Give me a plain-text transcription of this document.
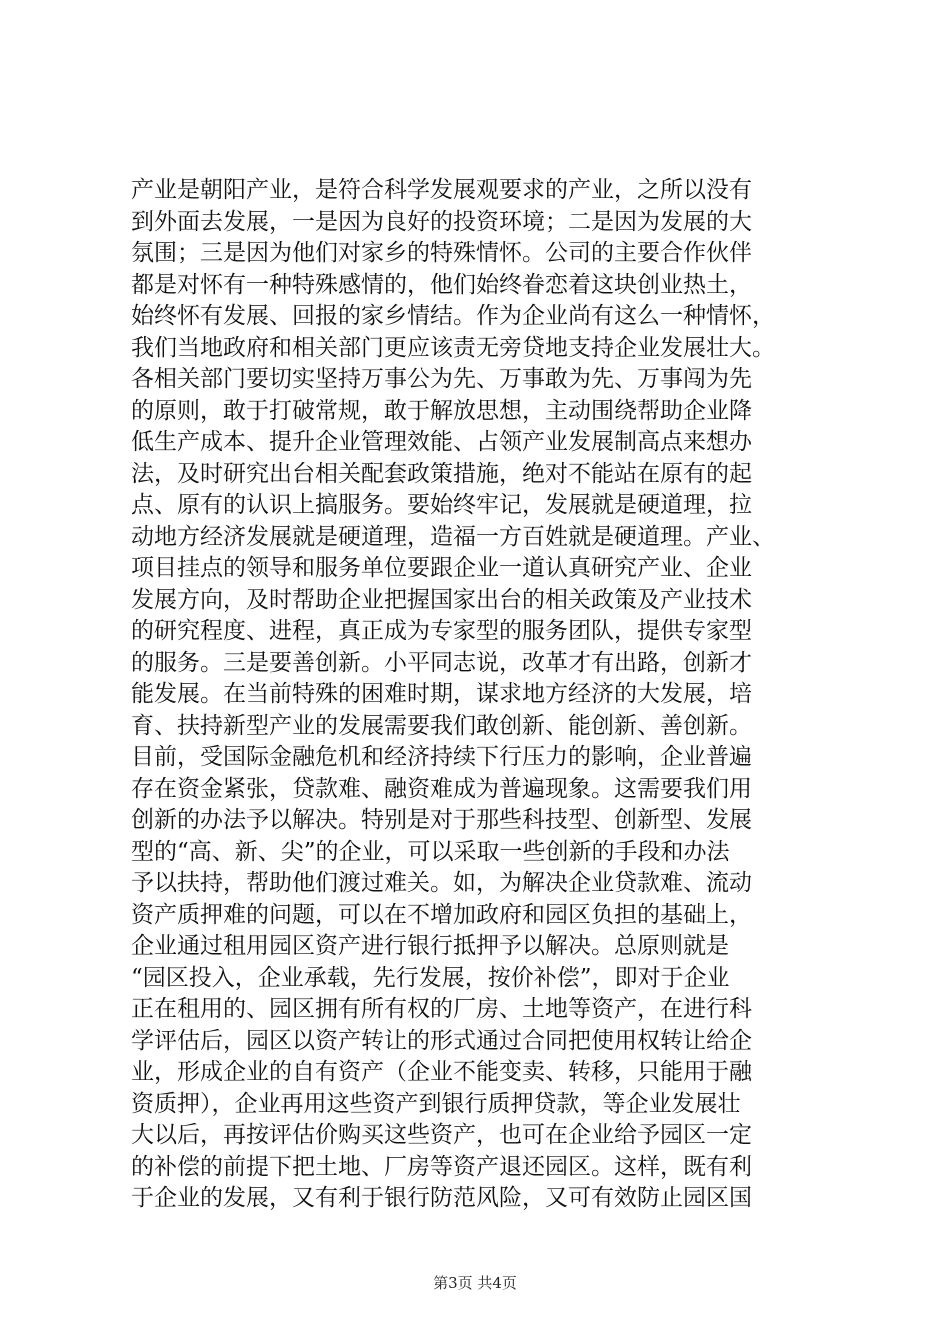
产业是朝阳产业，是符合科学发展观要求的产业，之所以没有
到外面去发展，一是因为良好的投资环境；二是因为发展的大
氛围；三是因为他们对家乡的特殊情怀。公司的主要合作伙伴
都是对怀有一种特殊感情的，他们始终眷恋着这块创业热土，
始终怀有发展、回报的家乡情结。作为企业尚有这么一种情怀，
我们当地政府和相关部门更应该责无旁贷地支持企业发展壮大。
各相关部门要切实坚持万事公为先、万事敢为先、万事闯为先
的原则，敢于打破常规，敢于解放思想，主动围绕帮助企业降
低生产成本、提升企业管理效能、占领产业发展制高点来想办
法，及时研究出台相关配套政策措施，绝对不能站在原有的起
点、原有的认识上搞服务。要始终牢记，发展就是硬道理，拉
动地方经济发展就是硬道理，造福一方百姓就是硬道理。产业、
项目挂点的领导和服务单位要跟企业一道认真研究产业、企业
发展方向，及时帮助企业把握国家出台的相关政策及产业技术
的研究程度、进程，真正成为专家型的服务团队，提供专家型
的服务。三是要善创新。小平同志说，改革才有出路，创新才
能发展。在当前特殊的困难时期，谋求地方经济的大发展，培
育、扶持新型产业的发展需要我们敢创新、能创新、善创新。
目前，受国际金融危机和经济持续下行压力的影响，企业普遍
存在资金紧张，贷款难、融资难成为普遍现象。这需要我们用
创新的办法予以解决。特别是对于那些科技型、创新型、发展
型的“高、新、尖”的企业，可以采取一些创新的手段和办法
予以扶持，帮助他们渡过难关。如，为解决企业贷款难、流动
资产质押难的问题，可以在不增加政府和园区负担的基础上，
企业通过租用园区资产进行银行抵押予以解决。总原则就是
“园区投入，企业承载，先行发展，按价补偿”，即对于企业
正在租用的、园区拥有所有权的厂房、土地等资产，在进行科
学评估后，园区以资产转让的形式通过合同把使用权转让给企
业，形成企业的自有资产（企业不能变卖、转移，只能用于融
资质押），企业再用这些资产到银行质押贷款，等企业发展壮
大以后，再按评估价购买这些资产，也可在企业给予园区一定
的补偿的前提下把土地、厂房等资产退还园区。这样，既有利
于企业的发展，又有利于银行防范风险，又可有效防止园区国
第3页 共4页
